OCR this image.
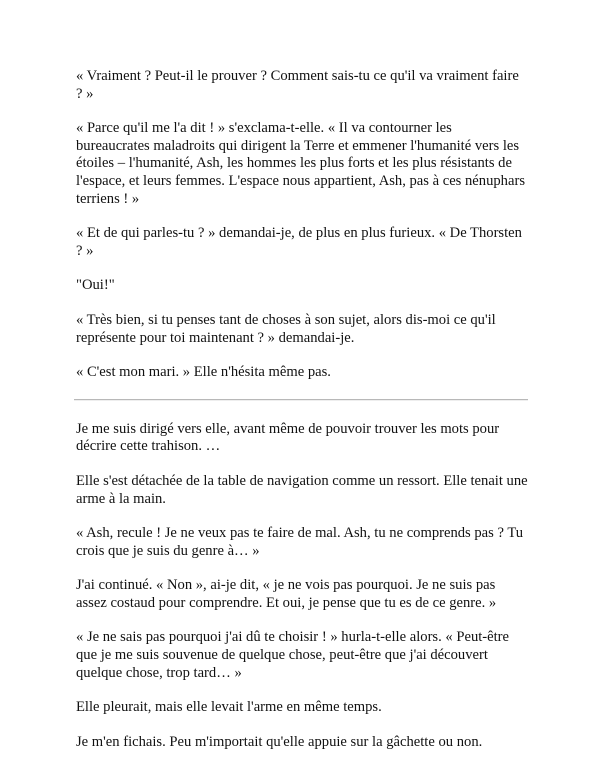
« Vraiment ? Peut-il le prouver ? Comment sais-tu ce qu'il va vraiment faire ? »

« Parce qu'il me l'a dit ! » s'exclama-t-elle. « Il va contourner les bureaucrates maladroits qui dirigent la Terre et emmener l'humanité vers les étoiles – l'humanité, Ash, les hommes les plus forts et les plus résistants de l'espace, et leurs femmes. L'espace nous appartient, Ash, pas à ces nénuphars terriens ! »

« Et de qui parles-tu ? » demandai-je, de plus en plus furieux. « De Thorsten ? »

"Oui!"

« Très bien, si tu penses tant de choses à son sujet, alors dis-moi ce qu'il représente pour toi maintenant ? » demandai-je.

« C'est mon mari. » Elle n'hésita même pas.

Je me suis dirigé vers elle, avant même de pouvoir trouver les mots pour décrire cette trahison. …

Elle s'est détachée de la table de navigation comme un ressort. Elle tenait une arme à la main.

« Ash, recule ! Je ne veux pas te faire de mal. Ash, tu ne comprends pas ? Tu crois que je suis du genre à… »

J'ai continué. « Non », ai-je dit, « je ne vois pas pourquoi. Je ne suis pas assez costaud pour comprendre. Et oui, je pense que tu es de ce genre. »

« Je ne sais pas pourquoi j'ai dû te choisir ! » hurla-t-elle alors. « Peut-être que je me suis souvenue de quelque chose, peut-être que j'ai découvert quelque chose, trop tard… »

Elle pleurait, mais elle levait l'arme en même temps.

Je m'en fichais. Peu m'importait qu'elle appuie sur la gâchette ou non.
